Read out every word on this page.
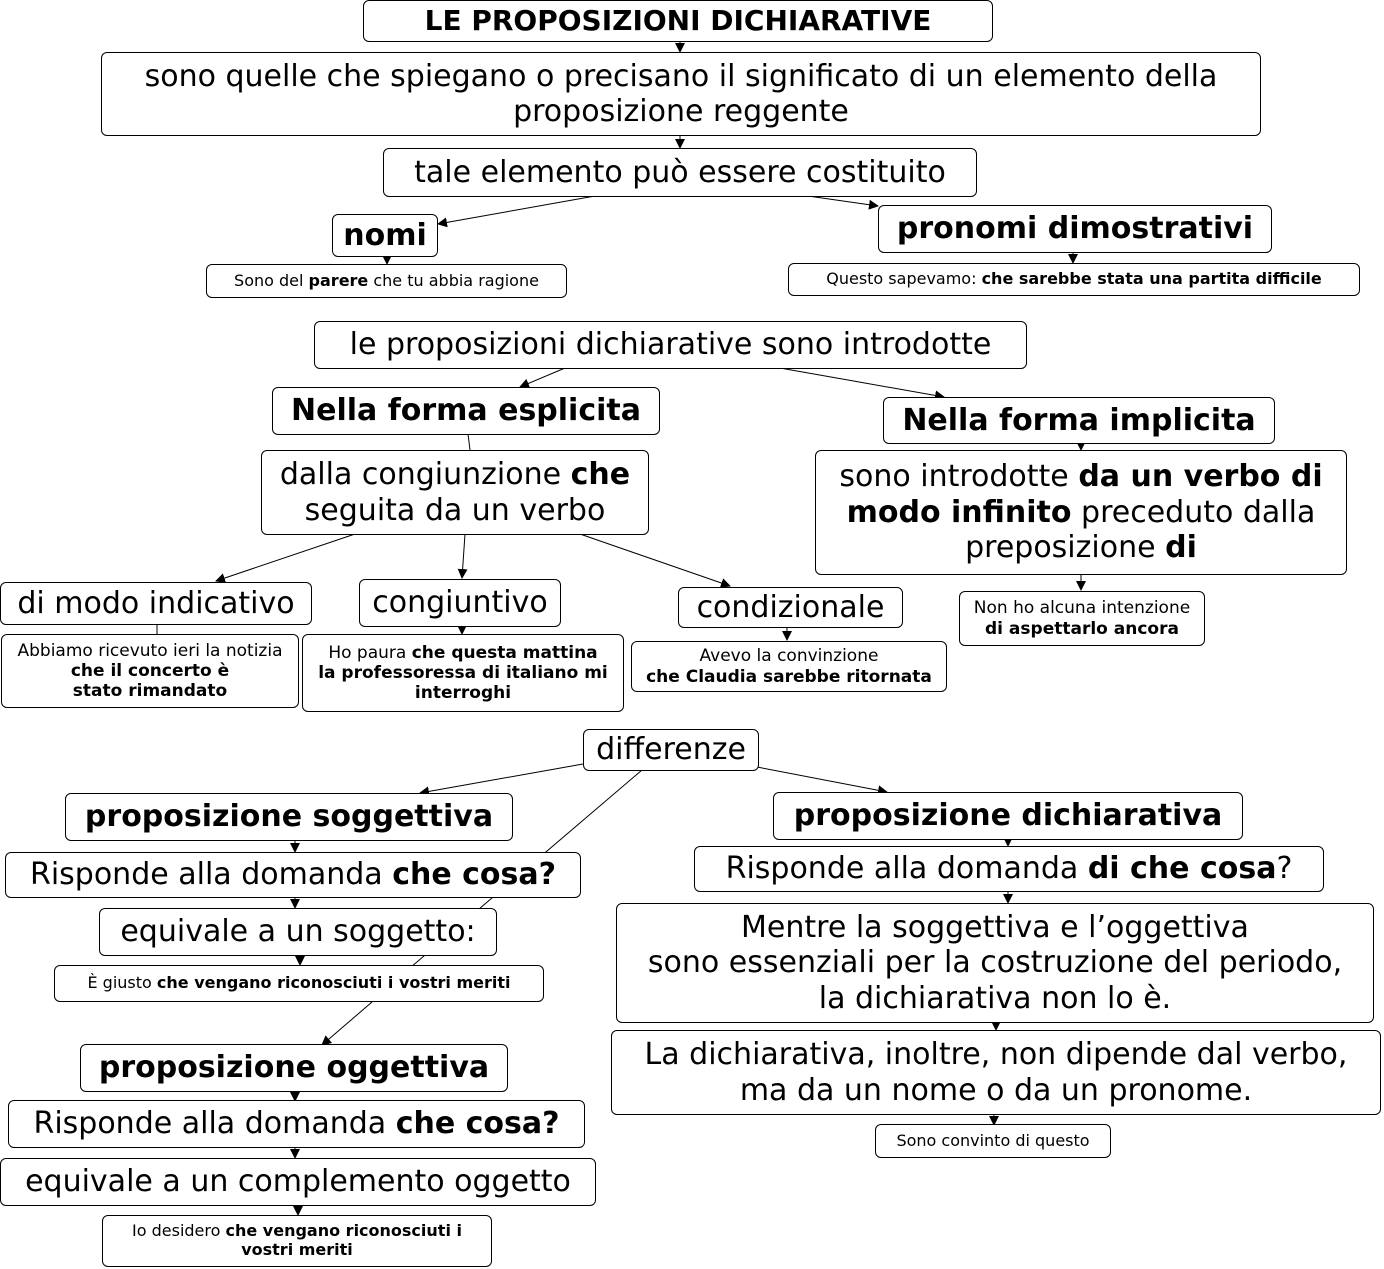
LE PROPOSIZIONI DICHIARATIVE
sono quelle che spiegano o precisano il significato di un elemento della
proposizione reggente
tale elemento può essere costituito
nomi
Sono del parere che tu abbia ragione
pronomi dimostrativi
Questo sapevamo: che sarebbe stata una partita difficile
le proposizioni dichiarative sono introdotte
Nella forma esplicita
dalla congiunzione che
seguita da un verbo
di modo indicativo
Abbiamo ricevuto ieri la notizia
che il concerto è
stato rimandato
congiuntivo
Ho paura che questa mattina
la professoressa di italiano mi
interroghi
condizionale
Avevo la convinzione
che Claudia sarebbe ritornata
Nella forma implicita
sono introdotte da un verbo di
modo infinito preceduto dalla
preposizione di
Non ho alcuna intenzione
di aspettarlo ancora
differenze
proposizione soggettiva
Risponde alla domanda che cosa?
equivale a un soggetto:
È giusto che vengano riconosciuti i vostri meriti
proposizione oggettiva
Risponde alla domanda che cosa?
equivale a un complemento oggetto
Io desidero che vengano riconosciuti i
vostri meriti
proposizione dichiarativa
Risponde alla domanda di che cosa?
Mentre la soggettiva e l’oggettiva
sono essenziali per la costruzione del periodo,
la dichiarativa non lo è.
La dichiarativa, inoltre, non dipende dal verbo,
ma da un nome o da un pronome.
Sono convinto di questo
